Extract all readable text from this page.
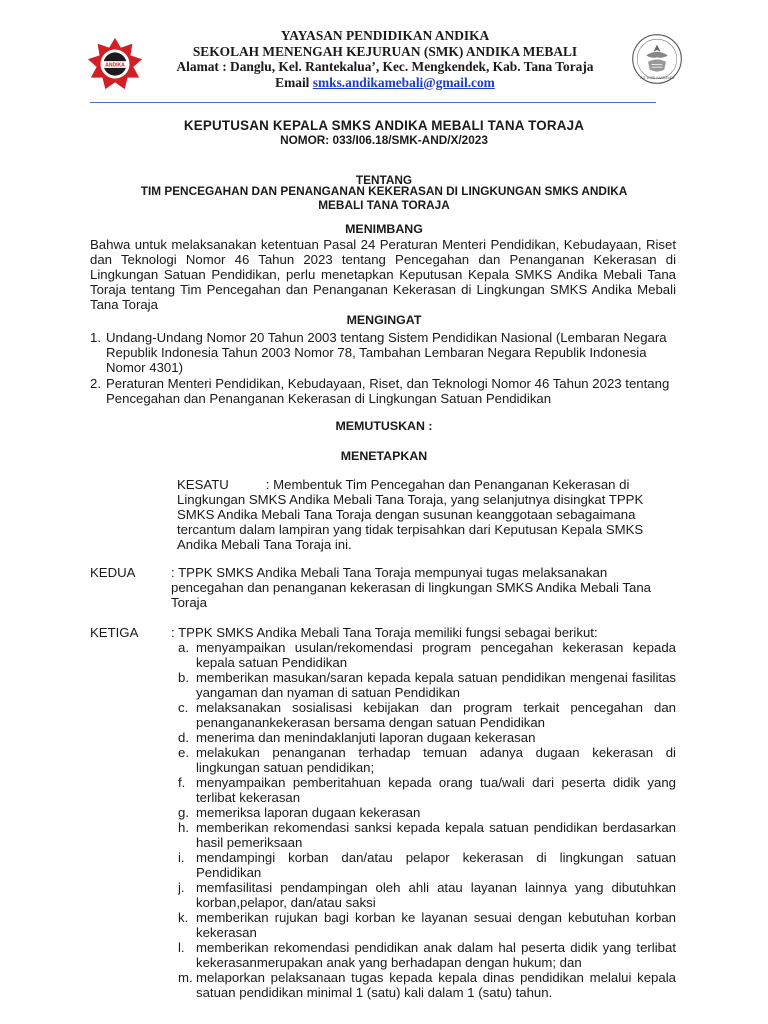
ANDIKA
YAYASAN PENDIDIKAN ANDIKA
SEKOLAH MENENGAH KEJURUAN (SMK) ANDIKA MEBALI
Alamat : Danglu, Kel. Rantekalua’, Kec. Mengkendek, Kab. Tana Toraja
Email smks.andikamebali@gmail.com	TUT WURI HANDAYANI
KEPUTUSAN KEPALA SMKS ANDIKA MEBALI TANA TORAJA
NOMOR: 033/I06.18/SMK-AND/X/2023
TENTANG
TIM PENCEGAHAN DAN PENANGANAN KEKERASAN DI LINGKUNGAN SMKS ANDIKA
MEBALI TANA TORAJA
MENIMBANG
Bahwa untuk melaksanakan ketentuan Pasal 24 Peraturan Menteri Pendidikan, Kebudayaan, Riset dan Teknologi Nomor 46 Tahun 2023 tentang Pencegahan dan Penanganan Kekerasan di Lingkungan Satuan Pendidikan, perlu menetapkan Keputusan Kepala SMKS Andika Mebali Tana Toraja tentang Tim Pencegahan dan Penanganan Kekerasan di Lingkungan SMKS Andika Mebali Tana Toraja
MENGINGAT
1. Undang-Undang Nomor 20 Tahun 2003 tentang Sistem Pendidikan Nasional (Lembaran Negara Republik Indonesia Tahun 2003 Nomor 78, Tambahan Lembaran Negara Republik Indonesia Nomor 4301)
2. Peraturan Menteri Pendidikan, Kebudayaan, Riset, dan Teknologi Nomor 46 Tahun 2023 tentang Pencegahan dan Penanganan Kekerasan di Lingkungan Satuan Pendidikan
MEMUTUSKAN :
MENETAPKAN
KESATU	: Membentuk Tim Pencegahan dan Penanganan Kekerasan di Lingkungan SMKS Andika Mebali Tana Toraja, yang selanjutnya disingkat TPPK SMKS Andika Mebali Tana Toraja dengan susunan keanggotaan sebagaimana tercantum dalam lampiran yang tidak terpisahkan dari Keputusan Kepala SMKS Andika Mebali Tana Toraja ini.
KEDUA	: TPPK SMKS Andika Mebali Tana Toraja mempunyai tugas melaksanakan pencegahan dan penanganan kekerasan di lingkungan SMKS Andika Mebali Tana Toraja
KETIGA : TPPK SMKS Andika Mebali Tana Toraja memiliki fungsi sebagai berikut:
a. menyampaikan usulan/rekomendasi program pencegahan kekerasan kepada kepala satuan Pendidikan
b. memberikan masukan/saran kepada kepala satuan pendidikan mengenai fasilitas yangaman dan nyaman di satuan Pendidikan
c. melaksanakan sosialisasi kebijakan dan program terkait pencegahan dan penanganankekerasan bersama dengan satuan Pendidikan
d. menerima dan menindaklanjuti laporan dugaan kekerasan
e. melakukan penanganan terhadap temuan adanya dugaan kekerasan di lingkungan satuan pendidikan;
f. menyampaikan pemberitahuan kepada orang tua/wali dari peserta didik yang terlibat kekerasan
g. memeriksa laporan dugaan kekerasan
h. memberikan rekomendasi sanksi kepada kepala satuan pendidikan berdasarkan hasil pemeriksaan
i. mendampingi korban dan/atau pelapor kekerasan di lingkungan satuan Pendidikan
j. memfasilitasi pendampingan oleh ahli atau layanan lainnya yang dibutuhkan korban,pelapor, dan/atau saksi
k. memberikan rujukan bagi korban ke layanan sesuai dengan kebutuhan korban kekerasan
l. memberikan rekomendasi pendidikan anak dalam hal peserta didik yang terlibat kekerasanmerupakan anak yang berhadapan dengan hukum; dan
m. melaporkan pelaksanaan tugas kepada kepala dinas pendidikan melalui kepala satuan pendidikan minimal 1 (satu) kali dalam 1 (satu) tahun.
